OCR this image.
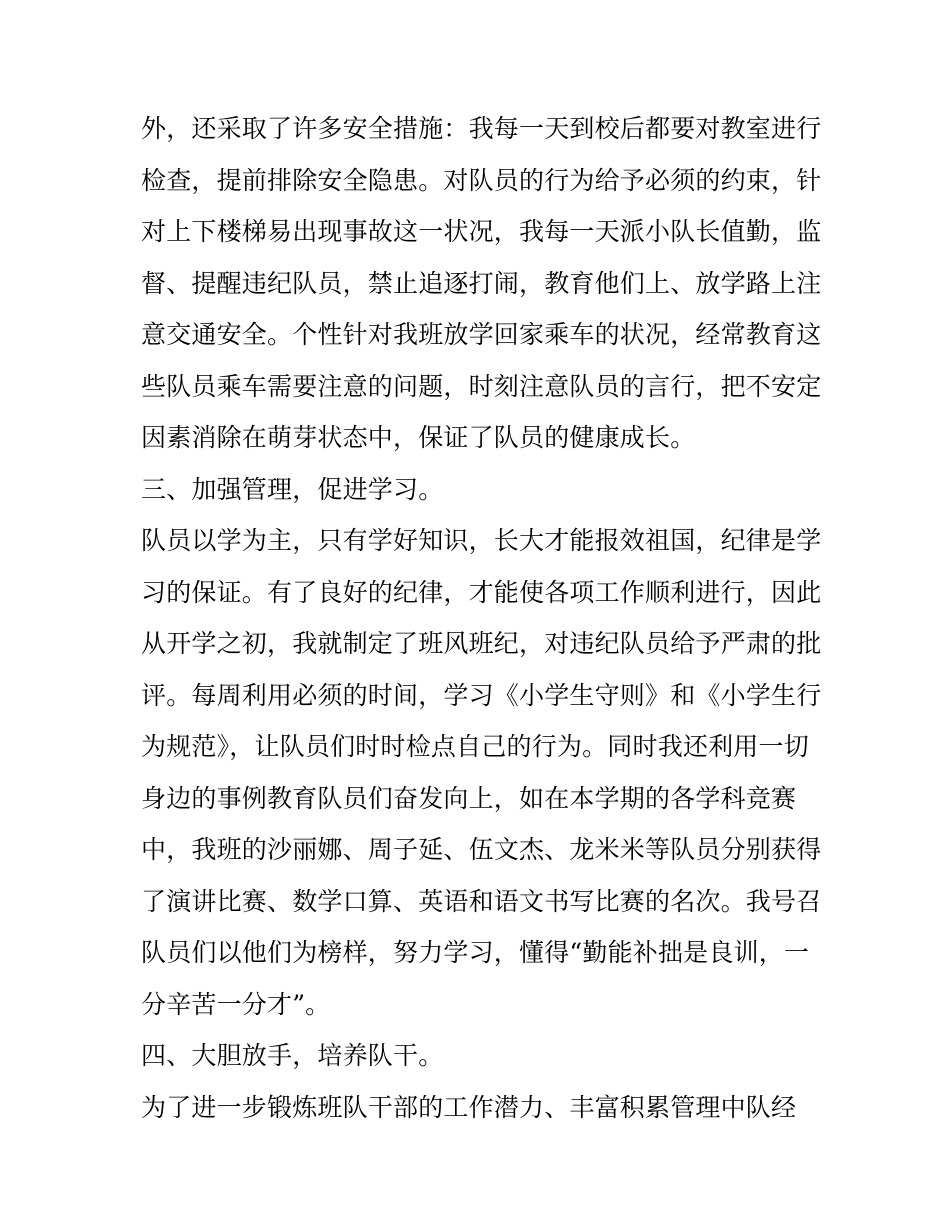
外，还采取了许多安全措施：我每一天到校后都要对教室进行
检查，提前排除安全隐患。对队员的行为给予必须的约束，针
对上下楼梯易出现事故这一状况，我每一天派小队长值勤，监
督、提醒违纪队员，禁止追逐打闹，教育他们上、放学路上注
意交通安全。个性针对我班放学回家乘车的状况，经常教育这
些队员乘车需要注意的问题，时刻注意队员的言行，把不安定
因素消除在萌芽状态中，保证了队员的健康成长。
三、加强管理，促进学习。
队员以学为主，只有学好知识，长大才能报效祖国，纪律是学
习的保证。有了良好的纪律，才能使各项工作顺利进行，因此
从开学之初，我就制定了班风班纪，对违纪队员给予严肃的批
评。每周利用必须的时间，学习《小学生守则》和《小学生行
为规范》，让队员们时时检点自己的行为。同时我还利用一切
身边的事例教育队员们奋发向上，如在本学期的各学科竞赛
中，我班的沙丽娜、周子延、伍文杰、龙米米等队员分别获得
了演讲比赛、数学口算、英语和语文书写比赛的名次。我号召
队员们以他们为榜样，努力学习，懂得“勤能补拙是良训，一
分辛苦一分才”。
四、大胆放手，培养队干。
为了进一步锻炼班队干部的工作潜力、丰富积累管理中队经
